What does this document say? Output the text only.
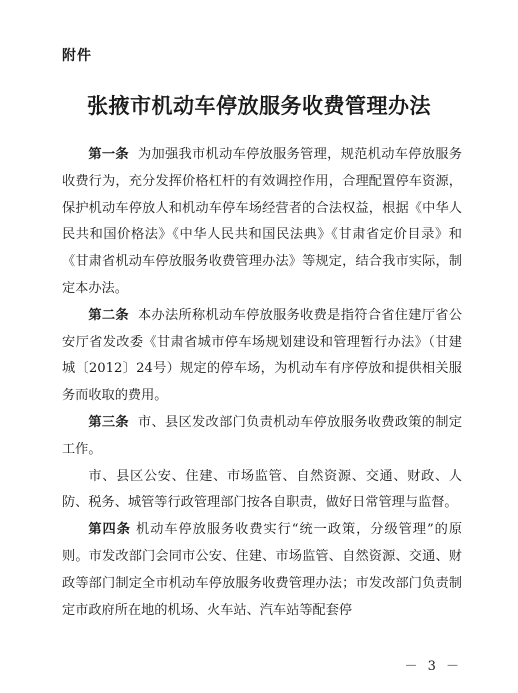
附件
张掖市机动车停放服务收费管理办法

第一条 为加强我市机动车停放服务管理，规范机动车停放服务收费行为，充分发挥价格杠杆的有效调控作用，合理配置停车资源，保护机动车停放人和机动车停车场经营者的合法权益，根据《中华人民共和国价格法》《中华人民共和国民法典》《甘肃省定价目录》和《甘肃省机动车停放服务收费管理办法》等规定，结合我市实际，制定本办法。

第二条 本办法所称机动车停放服务收费是指符合省住建厅省公安厅省发改委《甘肃省城市停车场规划建设和管理暂行办法》（甘建城〔2012〕24号）规定的停车场，为机动车有序停放和提供相关服务而收取的费用。

第三条 市、县区发改部门负责机动车停放服务收费政策的制定工作。

市、县区公安、住建、市场监管、自然资源、交通、财政、人防、税务、城管等行政管理部门按各自职责，做好日常管理与监督。

第四条 机动车停放服务收费实行“统一政策，分级管理”的原则。市发改部门会同市公安、住建、市场监管、自然资源、交通、财政等部门制定全市机动车停放服务收费管理办法；市发改部门负责制定市政府所在地的机场、火车站、汽车站等配套停

－ 3 －
